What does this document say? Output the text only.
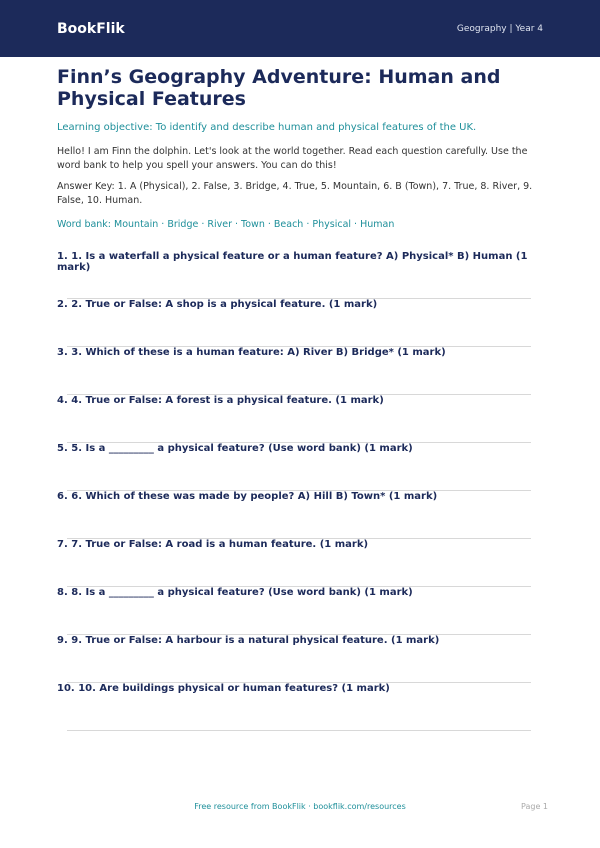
BookFlik	Geography | Year 4
Finn’s Geography Adventure: Human and Physical Features
Learning objective: To identify and describe human and physical features of the UK.

Hello! I am Finn the dolphin. Let's look at the world together. Read each question carefully. Use the word bank to help you spell your answers. You can do this!

Answer Key: 1. A (Physical), 2. False, 3. Bridge, 4. True, 5. Mountain, 6. B (Town), 7. True, 8. River, 9. False, 10. Human.

Word bank: Mountain · Bridge · River · Town · Beach · Physical · Human

1. 1. Is a waterfall a physical feature or a human feature? A) Physical* B) Human (1 mark)

2. 2. True or False: A shop is a physical feature. (1 mark)

3. 3. Which of these is a human feature: A) River B) Bridge* (1 mark)

4. 4. True or False: A forest is a physical feature. (1 mark)

5. 5. Is a _________ a physical feature? (Use word bank) (1 mark)

6. 6. Which of these was made by people? A) Hill B) Town* (1 mark)

7. 7. True or False: A road is a human feature. (1 mark)

8. 8. Is a _________ a physical feature? (Use word bank) (1 mark)

9. 9. True or False: A harbour is a natural physical feature. (1 mark)

10. 10. Are buildings physical or human features? (1 mark)

Free resource from BookFlik · bookflik.com/resources	Page 1
